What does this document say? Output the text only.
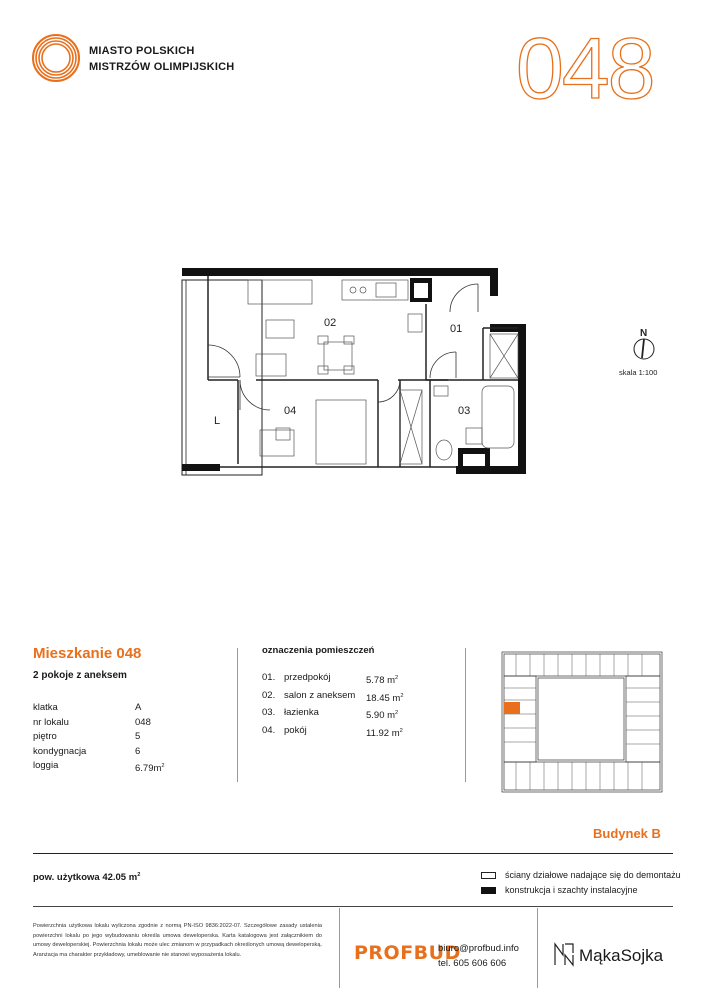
MIASTO POLSKICH
MISTRZÓW OLIMPIJSKICH	048
02	01
04	03
L
N
skala 1:100
Mieszkanie 048
2 pokoje z aneksem
klatka	A
nr lokalu	048
piętro	5
kondygnacja	6
loggia	$6.79m^2$
oznaczenia pomieszczeń
01. przedpokój	5.78 $m^2$
02. salon z aneksem	18.45 $m^2$
03. łazienka	5.90 $m^2$
04. pokój	11.92 $m^2$
Budynek B
pow. użytkowa 42.05 $m^2$	ściany działowe nadające się do demontażu
konstrukcja i szachty instalacyjne
Powierzchnia użytkowa lokalu wyliczona zgodnie z normą PN-ISO 9836:2022-07. Szczegółowe zasady ustalenia powierzchni lokalu po jego wybudowaniu określa umowa deweloperska. Karta katalogowa jest załącznikiem do umowy deweloperskiej. Powierzchnia lokalu może ulec zmianom w przypadkach określonych umową deweloperską. Aranżacja ma charakter przykładowy, umeblowanie nie stanowi wyposażenia lokalu.	PROFBUD
biuro@profbud.info
tel. 605 606 606	MąkaSojka
